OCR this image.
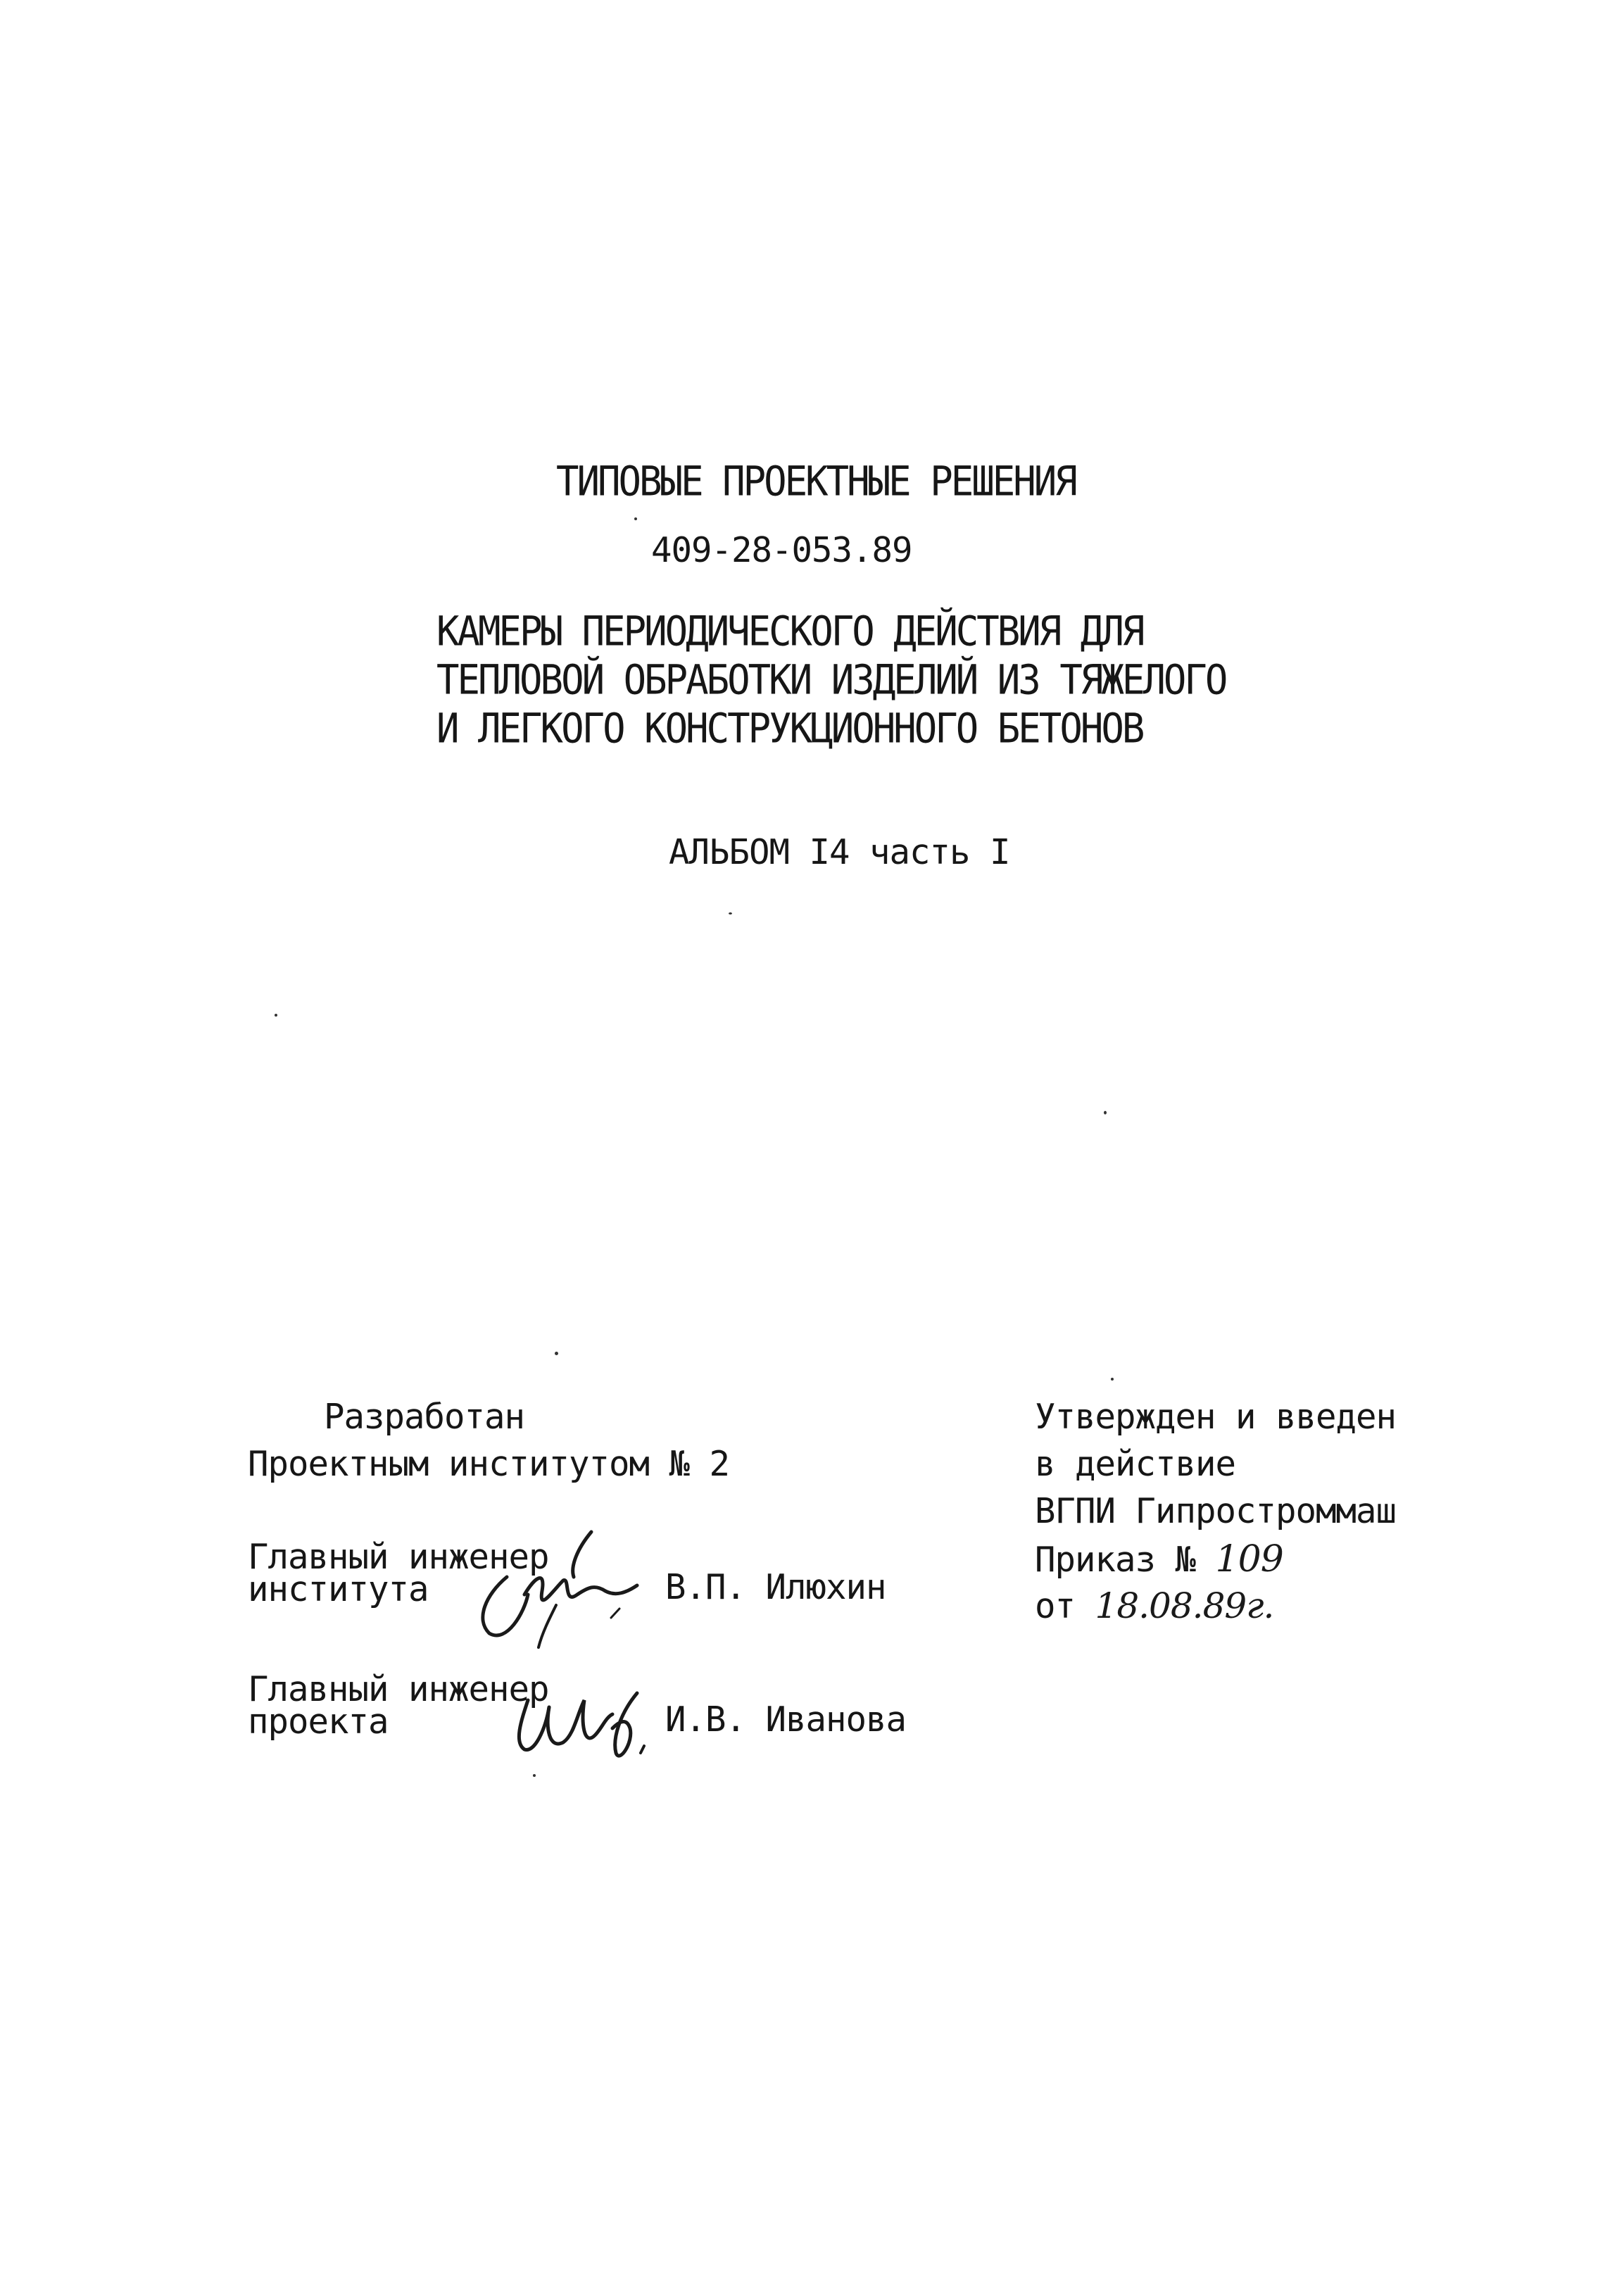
ТИПОВЫЕ ПРОЕКТНЫЕ РЕШЕНИЯ
409-28-053.89
КАМЕРЫ ПЕРИОДИЧЕСКОГО ДЕЙСТВИЯ ДЛЯ
ТЕПЛОВОЙ ОБРАБОТКИ ИЗДЕЛИЙ ИЗ ТЯЖЕЛОГО
И ЛЕГКОГО КОНСТРУКЦИОННОГО БЕТОНОВ
АЛЬБОМ I4 часть I
Разработан
Проектным институтом № 2
Главный инженер
института	В.П. Илюхин
Главный инженер
проекта	И.В. Иванова
Утвержден и введен
в действие
ВГПИ Гипростроммаш
Приказ № 109
от 18.08.89г.
